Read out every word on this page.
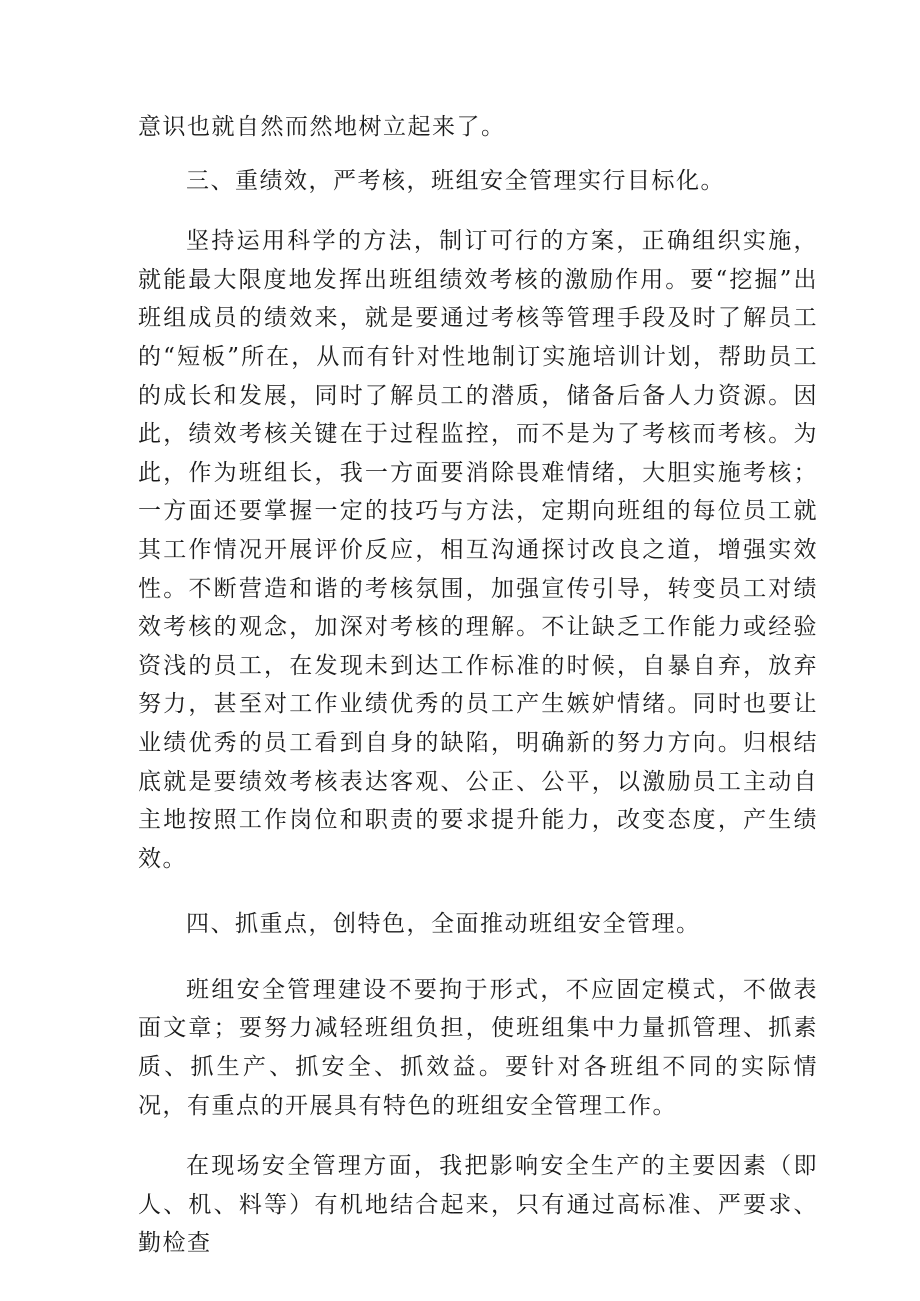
意识也就自然而然地树立起来了。

三、重绩效，严考核，班组安全管理实行目标化。

坚持运用科学的方法，制订可行的方案，正确组织实施，就能最大限度地发挥出班组绩效考核的激励作用。要“挖掘”出班组成员的绩效来，就是要通过考核等管理手段及时了解员工的“短板”所在，从而有针对性地制订实施培训计划，帮助员工的成长和发展，同时了解员工的潜质，储备后备人力资源。因此，绩效考核关键在于过程监控，而不是为了考核而考核。为此，作为班组长，我一方面要消除畏难情绪，大胆实施考核；一方面还要掌握一定的技巧与方法，定期向班组的每位员工就其工作情况开展评价反应，相互沟通探讨改良之道，增强实效性。不断营造和谐的考核氛围，加强宣传引导，转变员工对绩效考核的观念，加深对考核的理解。不让缺乏工作能力或经验资浅的员工，在发现未到达工作标准的时候，自暴自弃，放弃努力，甚至对工作业绩优秀的员工产生嫉妒情绪。同时也要让业绩优秀的员工看到自身的缺陷，明确新的努力方向。归根结底就是要绩效考核表达客观、公正、公平，以激励员工主动自主地按照工作岗位和职责的要求提升能力，改变态度，产生绩效。

四、抓重点，创特色，全面推动班组安全管理。

班组安全管理建设不要拘于形式，不应固定模式，不做表面文章；要努力减轻班组负担，使班组集中力量抓管理、抓素质、抓生产、抓安全、抓效益。要针对各班组不同的实际情况，有重点的开展具有特色的班组安全管理工作。

在现场安全管理方面，我把影响安全生产的主要因素（即人、机、料等）有机地结合起来，只有通过高标准、严要求、勤检查
